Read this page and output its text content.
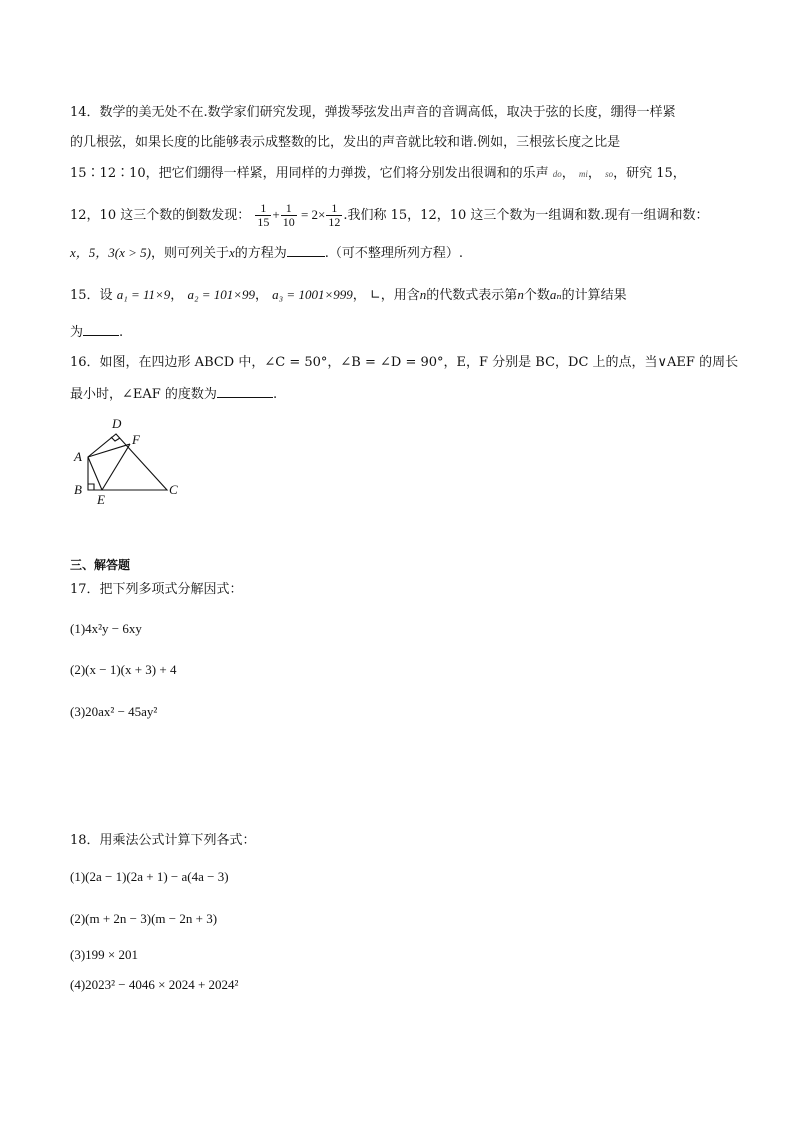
14．数学的美无处不在.数学家们研究发现，弹拨琴弦发出声音的音调高低，取决于弦的长度，绷得一样紧
的几根弦，如果长度的比能够表示成整数的比，发出的声音就比较和谐.例如，三根弦长度之比是
15∶12∶10，把它们绷得一样紧，用同样的力弹拨，它们将分别发出很调和的乐声 do， mi， so，研究 15，
12，10 这三个数的倒数发现： $\frac{1}{15} + \frac{1}{10} = 2\times \frac{1}{12}$ .我们称 15，12，10 这三个数为一组调和数.现有一组调和数：
x，5，3(x > 5)，则可列关于x的方程为	.（可不整理所列方程）.
15．设 a₁ = 11×9， a₂ = 101×99， a₃ = 1001×999， ∟，用含n的代数式表示第n个数aₙ的计算结果
为	.
16．如图，在四边形 ABCD 中，∠C = 50°，∠B = ∠D = 90°，E，F 分别是 BC，DC 上的点，当∨AEF 的周长
最小时，∠EAF 的度数为	.
A
B	C
D
E
F
三、解答题
17．把下列多项式分解因式：
(1)4x²y − 6xy
(2)(x − 1)(x + 3) + 4
(3)20ax² − 45ay²
18．用乘法公式计算下列各式：
(1)(2a − 1)(2a + 1) − a(4a − 3)
(2)(m + 2n − 3)(m − 2n + 3)
(3)199 × 201
(4)2023² − 4046 × 2024 + 2024²
